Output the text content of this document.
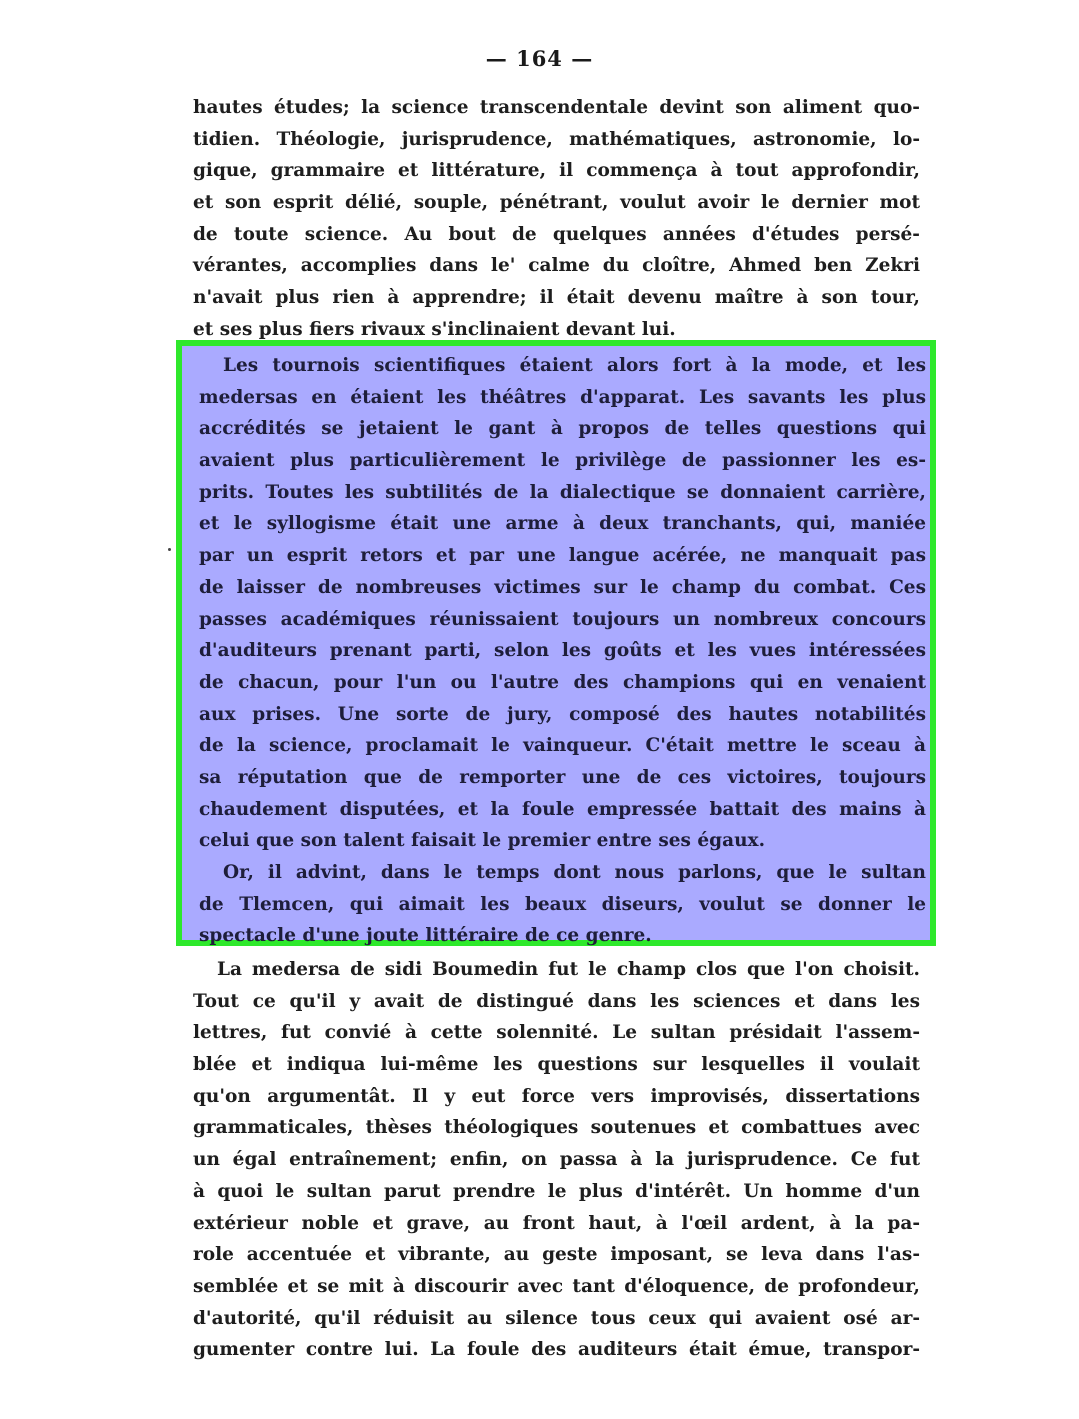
— 164 —
hautes études; la science transcendentale devint son aliment quo-
tidien. Théologie, jurisprudence, mathématiques, astronomie, lo-
gique, grammaire et littérature, il commença à tout approfondir,
et son esprit délié, souple, pénétrant, voulut avoir le dernier mot
de toute science. Au bout de quelques années d'études persé-
vérantes, accomplies dans le' calme du cloître, Ahmed ben Zekri
n'avait plus rien à apprendre; il était devenu maître à son tour,
et ses plus fiers rivaux s'inclinaient devant lui.
Les tournois scientifiques étaient alors fort à la mode, et les
medersas en étaient les théâtres d'apparat. Les savants les plus
accrédités se jetaient le gant à propos de telles questions qui
avaient plus particulièrement le privilège de passionner les es-
prits. Toutes les subtilités de la dialectique se donnaient carrière,
et le syllogisme était une arme à deux tranchants, qui, maniée
par un esprit retors et par une langue acérée, ne manquait pas
de laisser de nombreuses victimes sur le champ du combat. Ces
passes académiques réunissaient toujours un nombreux concours
d'auditeurs prenant parti, selon les goûts et les vues intéressées
de chacun, pour l'un ou l'autre des champions qui en venaient
aux prises. Une sorte de jury, composé des hautes notabilités
de la science, proclamait le vainqueur. C'était mettre le sceau à
sa réputation que de remporter une de ces victoires, toujours
chaudement disputées, et la foule empressée battait des mains à
celui que son talent faisait le premier entre ses égaux.
Or, il advint, dans le temps dont nous parlons, que le sultan
de Tlemcen, qui aimait les beaux diseurs, voulut se donner le
spectacle d'une joute littéraire de ce genre.
La medersa de sidi Boumedin fut le champ clos que l'on choisit.
Tout ce qu'il y avait de distingué dans les sciences et dans les
lettres, fut convié à cette solennité. Le sultan présidait l'assem-
blée et indiqua lui-même les questions sur lesquelles il voulait
qu'on argumentât. Il y eut force vers improvisés, dissertations
grammaticales, thèses théologiques soutenues et combattues avec
un égal entraînement; enfin, on passa à la jurisprudence. Ce fut
à quoi le sultan parut prendre le plus d'intérêt. Un homme d'un
extérieur noble et grave, au front haut, à l'œil ardent, à la pa-
role accentuée et vibrante, au geste imposant, se leva dans l'as-
semblée et se mit à discourir avec tant d'éloquence, de profondeur,
d'autorité, qu'il réduisit au silence tous ceux qui avaient osé ar-
gumenter contre lui. La foule des auditeurs était émue, transpor-
